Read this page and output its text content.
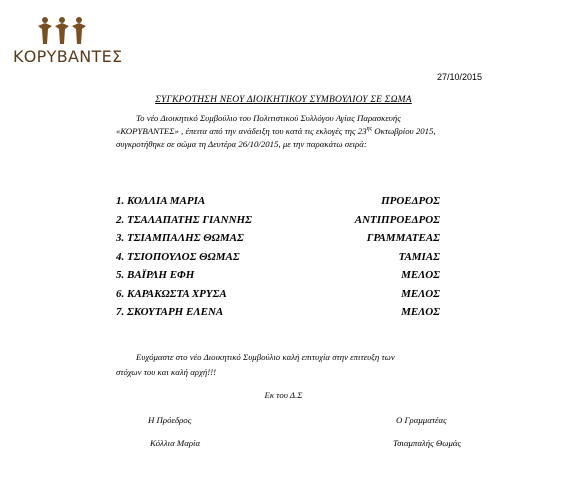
ΚΟΡΥΒΑΝΤΕΣ
27/10/2015
ΣΥΓΚΡΟΤΗΣΗ ΝΕΟΥ ΔΙΟΙΚΗΤΙΚΟΥ ΣΥΜΒΟΥΛΙΟΥ ΣΕ ΣΩΜΑ
Το νέο Διοικητικό Συμβούλιο του Πολιτιστικού Συλλόγου Αγίας Παρασκευής
«ΚΟΡΥΒΑΝΤΕΣ» , έπειτα από την ανάδειξη του κατά τις εκλογές της $23^{\eta\varsigma}$ Οκτωβρίου 2015,
συγκροτήθηκε σε σώμα τη Δευτέρα 26/10/2015, με την παρακάτω σειρά:
1. ΚΟΛΛΙΑ ΜΑΡΙΑ	ΠΡΟΕΔΡΟΣ
2. ΤΣΑΛΑΠΑΤΗΣ ΓΙΑΝΝΗΣ	ΑΝΤΙΠΡΟΕΔΡΟΣ
3. ΤΣΙΑΜΠΑΛΗΣ ΘΩΜΑΣ	ΓΡΑΜΜΑΤΕΑΣ
4. ΤΣΙΟΠΟΥΛΟΣ ΘΩΜΑΣ	ΤΑΜΙΑΣ
5. ΒΑΪΡΛΗ ΕΦΗ	ΜΕΛΟΣ
6. ΚΑΡΑΚΩΣΤΑ ΧΡΥΣΑ	ΜΕΛΟΣ
7. ΣΚΟΥΤΑΡΗ ΕΛΕΝΑ	ΜΕΛΟΣ
Ευχόμαστε στο νέο Διοικητικό Συμβούλιο καλή επιτυχία στην επιτευξη των
στόχων του και καλή αρχή!!!
Εκ του Δ.Σ
Η Πρόεδρος	Ο Γραμματέας
Κόλλια Μαρία	Τσιαμπαλής Θωμάς
